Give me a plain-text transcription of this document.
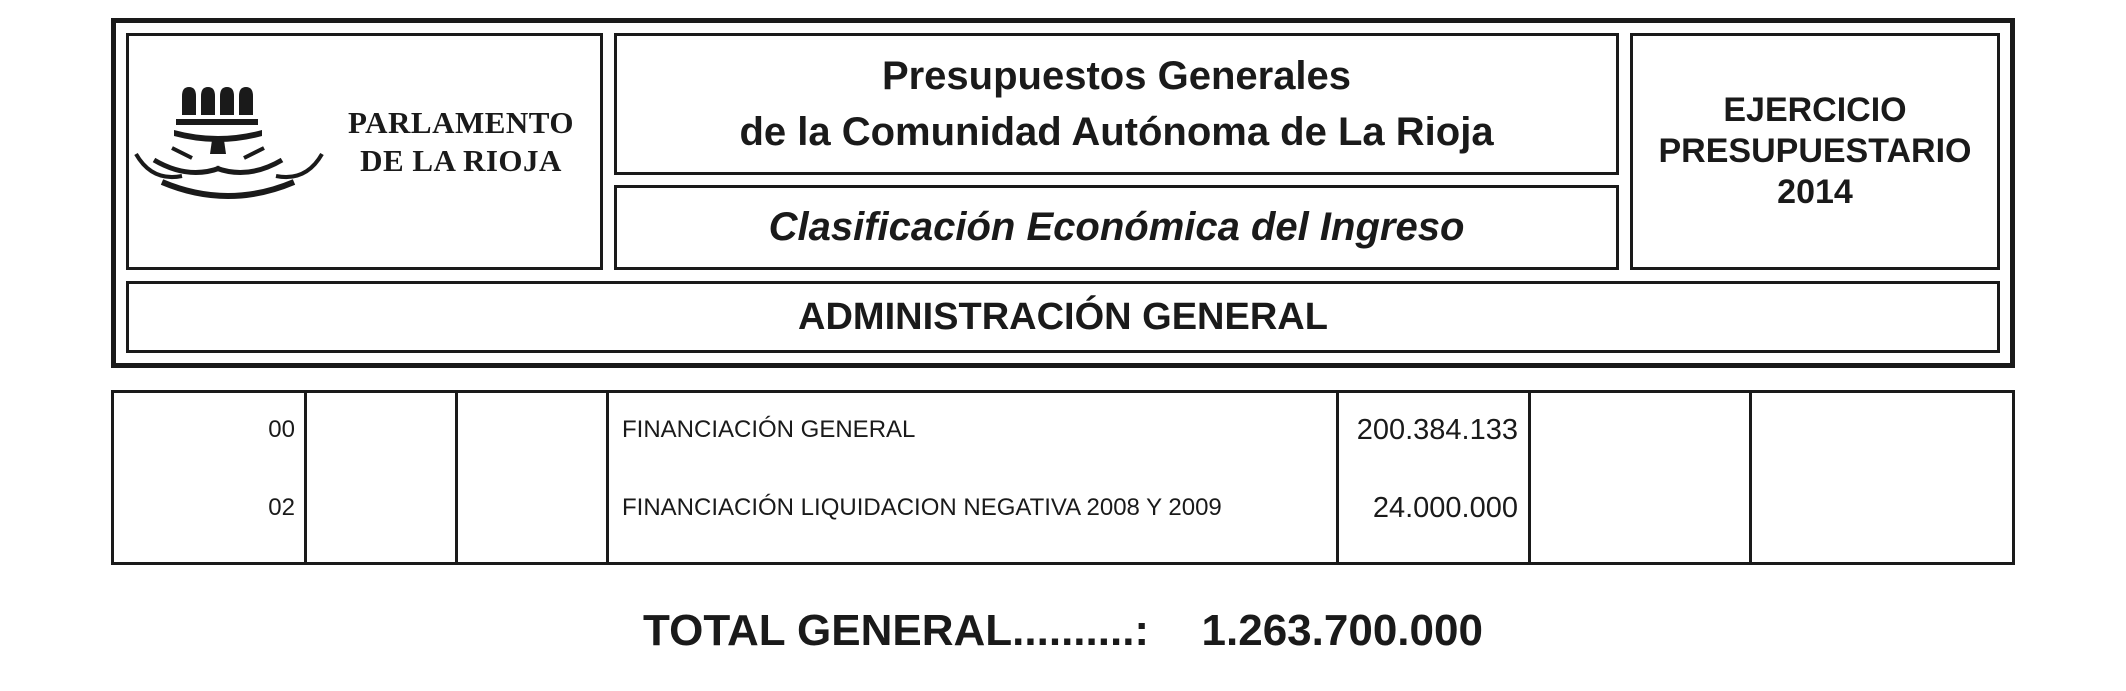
PARLAMENTO
DE LA RIOJA
Presupuestos Generales
de la Comunidad Autónoma de La Rioja
Clasificación Económica del Ingreso
EJERCICIO
PRESUPUESTARIO
2014
ADMINISTRACIÓN GENERAL
00	FINANCIACIÓN GENERAL	200.384.133
02	FINANCIACIÓN LIQUIDACION NEGATIVA 2008 Y 2009	24.000.000
TOTAL GENERAL..........: 1.263.700.000
